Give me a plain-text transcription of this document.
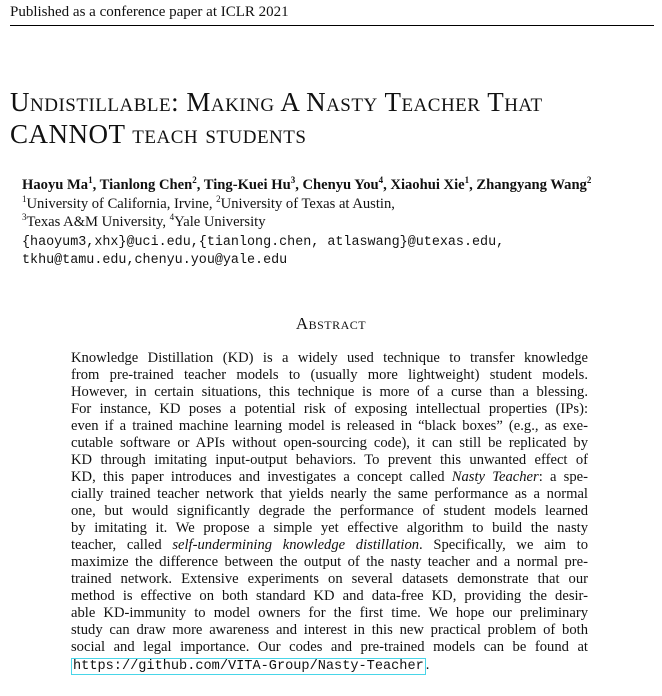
Published as a conference paper at ICLR 2021
Undistillable: Making A Nasty Teacher That
CANNOT teach students
Haoyu Ma$^1$, Tianlong Chen$^2$, Ting-Kuei Hu$^3$, Chenyu You$^4$, Xiaohui Xie$^1$, Zhangyang Wang$^2$
$^1$University of California, Irvine, $^2$University of Texas at Austin,
$^3$Texas A&M University, $^4$Yale University
{haoyum3,xhx}@uci.edu,{tianlong.chen, atlaswang}@utexas.edu,
tkhu@tamu.edu,chenyu.you@yale.edu
Abstract
Knowledge Distillation (KD) is a widely used technique to transfer knowledge
from pre-trained teacher models to (usually more lightweight) student models.
However, in certain situations, this technique is more of a curse than a blessing.
For instance, KD poses a potential risk of exposing intellectual properties (IPs):
even if a trained machine learning model is released in “black boxes” (e.g., as exe-
cutable software or APIs without open-sourcing code), it can still be replicated by
KD through imitating input-output behaviors. To prevent this unwanted effect of
KD, this paper introduces and investigates a concept called Nasty Teacher: a spe-
cially trained teacher network that yields nearly the same performance as a normal
one, but would significantly degrade the performance of student models learned
by imitating it. We propose a simple yet effective algorithm to build the nasty
teacher, called self-undermining knowledge distillation. Specifically, we aim to
maximize the difference between the output of the nasty teacher and a normal pre-
trained network. Extensive experiments on several datasets demonstrate that our
method is effective on both standard KD and data-free KD, providing the desir-
able KD-immunity to model owners for the first time. We hope our preliminary
study can draw more awareness and interest in this new practical problem of both
social and legal importance. Our codes and pre-trained models can be found at
https://github.com/VITA-Group/Nasty-Teacher .
